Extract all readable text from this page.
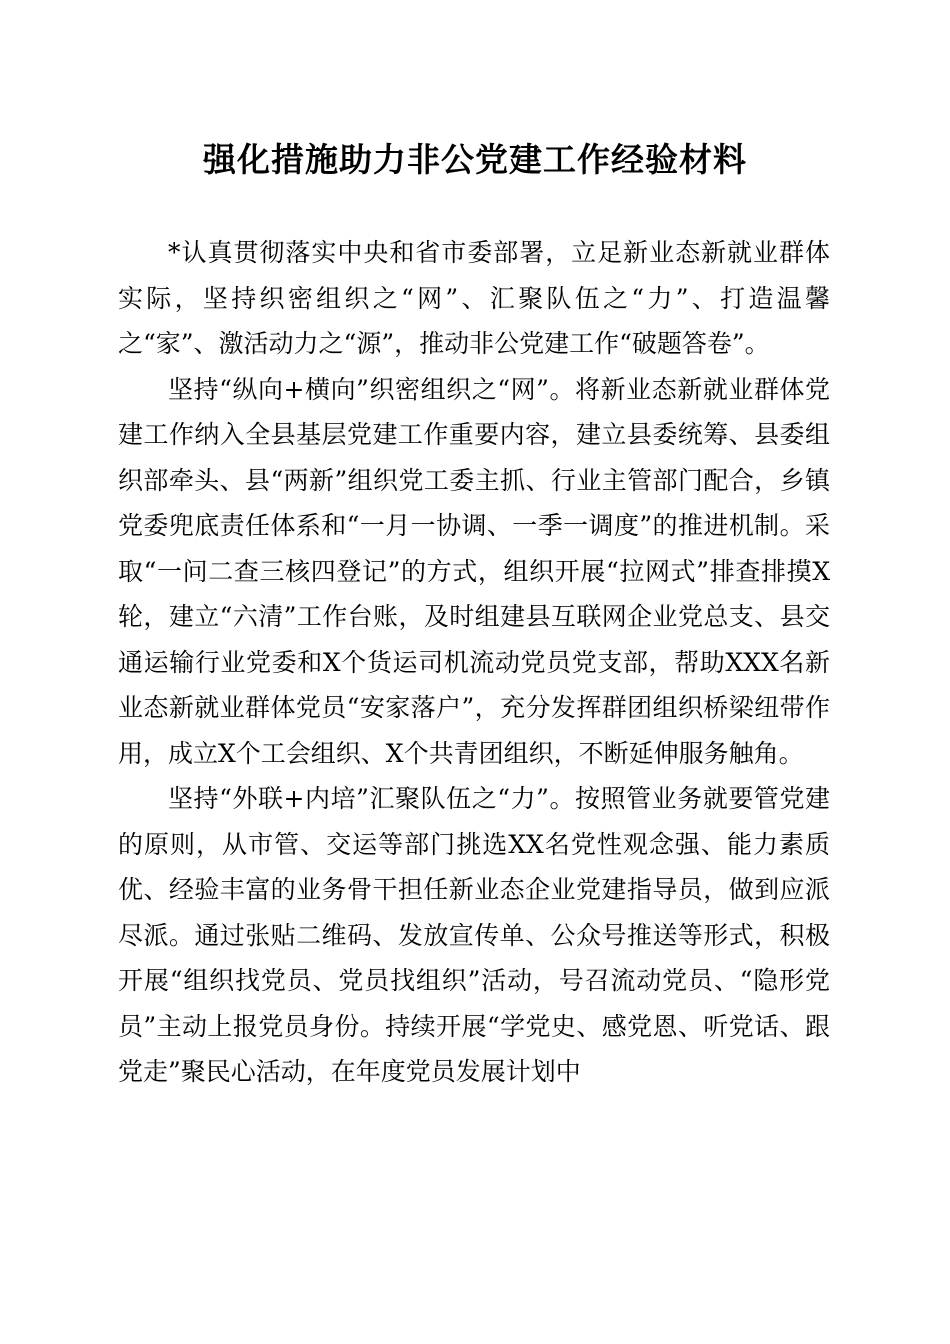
强化措施助力非公党建工作经验材料

*认真贯彻落实中央和省市委部署，立足新业态新就业群体实际，坚持织密组织之“网”、汇聚队伍之“力”、打造温馨之“家”、激活动力之“源”，推动非公党建工作“破题答卷”。

坚持“纵向+横向”织密组织之“网”。将新业态新就业群体党建工作纳入全县基层党建工作重要内容，建立县委统筹、县委组织部牵头、县“两新”组织党工委主抓、行业主管部门配合，乡镇党委兜底责任体系和“一月一协调、一季一调度”的推进机制。采取“一问二查三核四登记”的方式，组织开展“拉网式”排查排摸X轮，建立“六清”工作台账，及时组建县互联网企业党总支、县交通运输行业党委和X个货运司机流动党员党支部，帮助XXX名新业态新就业群体党员“安家落户”，充分发挥群团组织桥梁纽带作用，成立X个工会组织、X个共青团组织，不断延伸服务触角。

坚持“外联+内培”汇聚队伍之“力”。按照管业务就要管党建的原则，从市管、交运等部门挑选XX名党性观念强、能力素质优、经验丰富的业务骨干担任新业态企业党建指导员，做到应派尽派。通过张贴二维码、发放宣传单、公众号推送等形式，积极开展“组织找党员、党员找组织”活动，号召流动党员、“隐形党员”主动上报党员身份。持续开展“学党史、感党恩、听党话、跟党走”聚民心活动，在年度党员发展计划中
